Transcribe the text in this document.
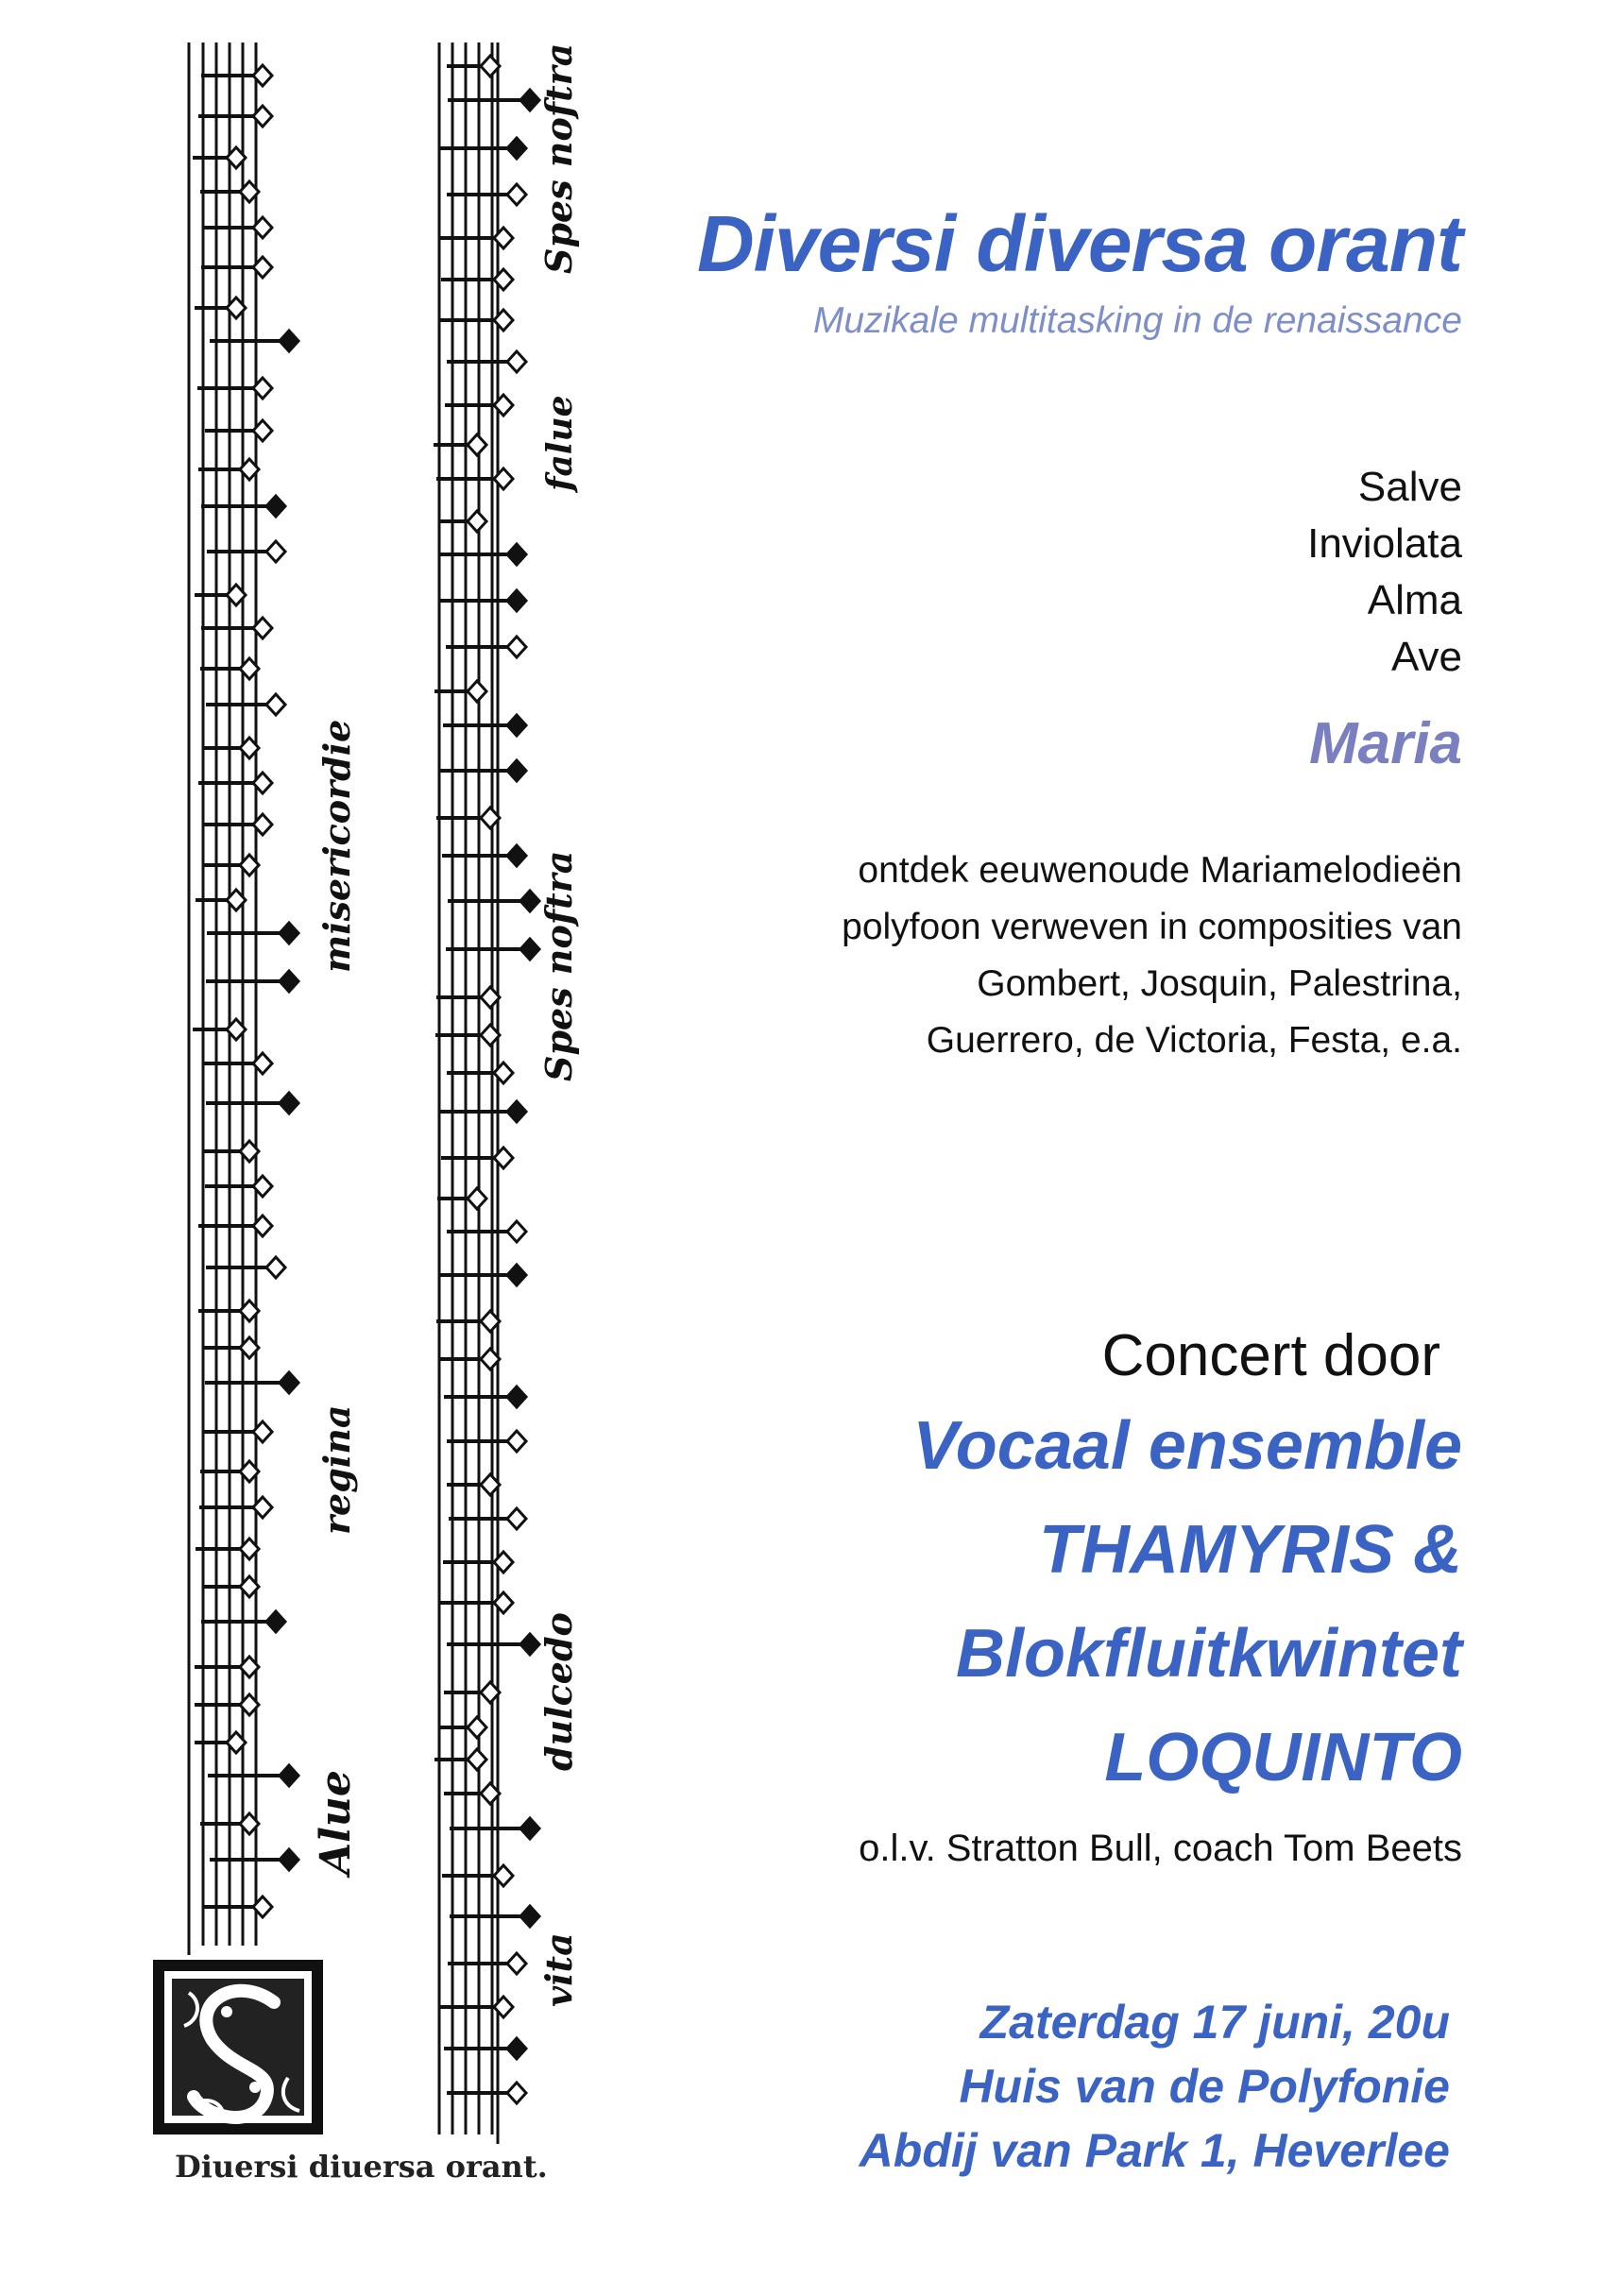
Alue
regina
misericordie
vita
dulcedo
Spes noftra
falue
Spes noftra
Diuersi diuersa orant.
Diversi diversa orant
Muzikale multitasking in de renaissance
Salve
Inviolata
Alma
Ave
Maria
ontdek eeuwenoude Mariamelodieën
polyfoon verweven in composities van
Gombert, Josquin, Palestrina,
Guerrero, de Victoria, Festa, e.a.
Concert door
Vocaal ensemble
THAMYRIS &
Blokfluitkwintet
LOQUINTO
o.l.v. Stratton Bull, coach Tom Beets
Zaterdag 17 juni, 20u
Huis van de Polyfonie
Abdij van Park 1, Heverlee
